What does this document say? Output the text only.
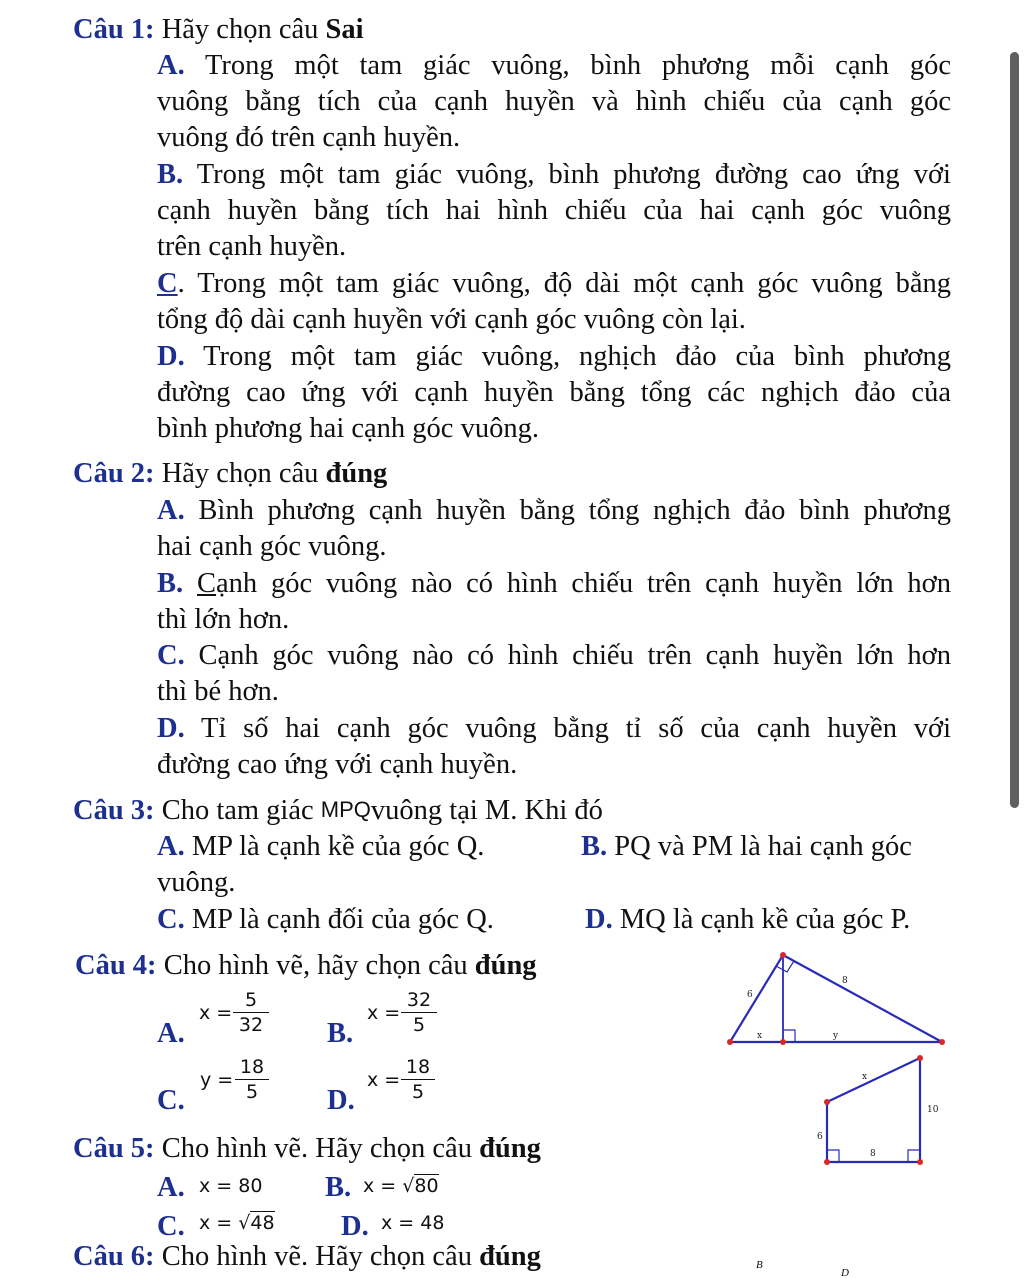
Câu 1: Hãy chọn câu Sai
A. Trong một tam giác vuông, bình phương mỗi cạnh góc
vuông bằng tích của cạnh huyền và hình chiếu của cạnh góc
vuông đó trên cạnh huyền.
B. Trong một tam giác vuông, bình phương đường cao ứng với
cạnh huyền bằng tích hai hình chiếu của hai cạnh góc vuông
trên cạnh huyền.
C. Trong một tam giác vuông, độ dài một cạnh góc vuông bằng
tổng độ dài cạnh huyền với cạnh góc vuông còn lại.
D. Trong một tam giác vuông, nghịch đảo của bình phương
đường cao ứng với cạnh huyền bằng tổng các nghịch đảo của
bình phương hai cạnh góc vuông.
Câu 2: Hãy chọn câu đúng
A. Bình phương cạnh huyền bằng tổng nghịch đảo bình phương
hai cạnh góc vuông.
B. Cạnh góc vuông nào có hình chiếu trên cạnh huyền lớn hơn
thì lớn hơn.
C. Cạnh góc vuông nào có hình chiếu trên cạnh huyền lớn hơn
thì bé hơn.
D. Tỉ số hai cạnh góc vuông bằng tỉ số của cạnh huyền với
đường cao ứng với cạnh huyền.
Câu 3: Cho tam giác MPQvuông tại M. Khi đó
A. MP là cạnh kề của góc Q.	B. PQ và PM là hai cạnh góc
vuông.
C. MP là cạnh đối của góc Q.	D. MQ là cạnh kề của góc P.
Câu 4: Cho hình vẽ, hãy chọn câu đúng
A.
$x = \frac{5}{32} B$.
$x = \frac{32}{5}$
C.
$y = \frac{18}{5} D$.
$x = \frac{18}{5}$
6
8
x	y
Câu 5: Cho hình vẽ. Hãy chọn câu đúng
A. x = 80 B. x = √80
C. x = √48 D. x = 48
x
10
6
8
Câu 6: Cho hình vẽ. Hãy chọn câu đúng	B
D
